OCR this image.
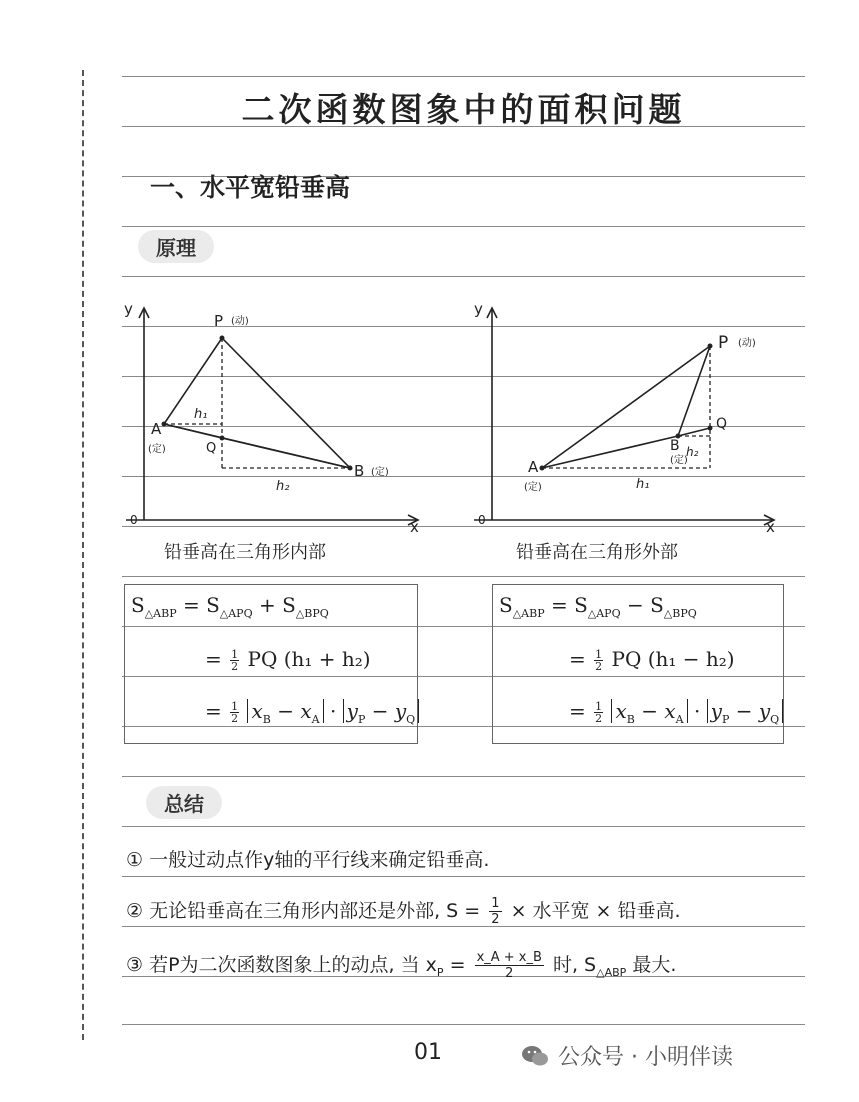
二次函数图象中的面积问题
一、水平宽铅垂高
原理
y
x
0
P (动)
A
(定)
B (定)
Q
h₁
h₂
铅垂高在三角形内部
y
x
0
P (动)
A
(定)
B
(定)
Q
h₂
h₁
铅垂高在三角形外部
$S_{\triangle ABP} = S_{\triangle APQ} + S_{\triangle BPQ}$
= $\frac{1}{2}$ PQ (h₁ + h₂)
= $\frac{1}{2} x_B - x_A \cdot y_P - y_Q$
$S_{\triangle ABP} = S_{\triangle APQ} - S_{\triangle BPQ}$
= $\frac{1}{2}$ PQ (h₁ − h₂)
= $\frac{1}{2} x_B - x_A \cdot y_P - y_Q$
总结
① 一般过动点作y轴的平行线来确定铅垂高.
② 无论铅垂高在三角形内部还是外部, $S = \frac{1}{2}$ × 水平宽 × 铅垂高.
③ 若P为二次函数图象上的动点, 当 $x_P = \frac{x\_A + x\_B}{2}$ 时, $S_{\triangle ABP}$ 最大.
01	公众号 · 小明伴读
